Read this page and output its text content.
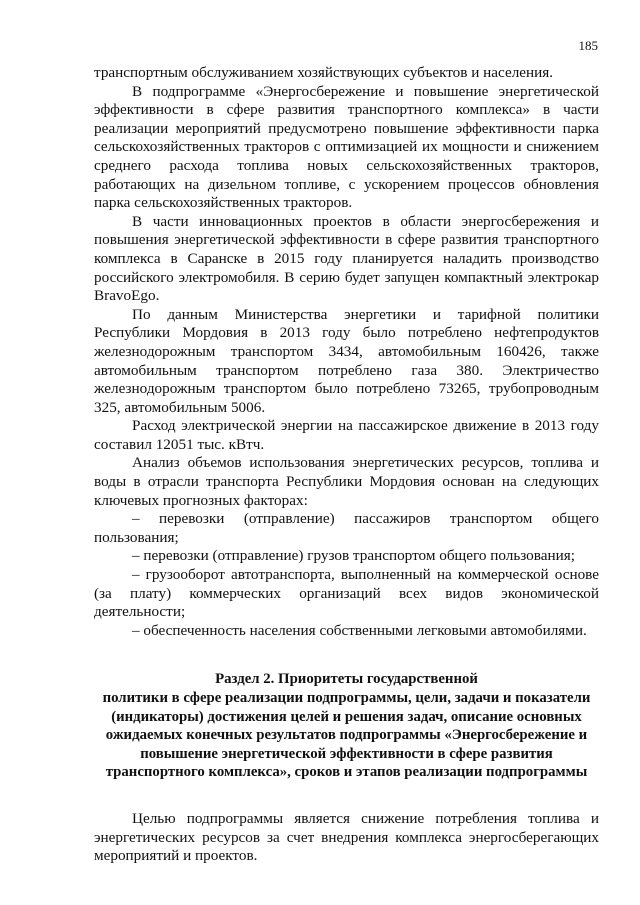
185

транспортным обслуживанием хозяйствующих субъектов и населения.

В подпрограмме «Энергосбережение и повышение энергетической эффективности в сфере развития транспортного комплекса» в части реализации мероприятий предусмотрено повышение эффективности парка сельскохозяйственных тракторов с оптимизацией их мощности и снижением среднего расхода топлива новых сельскохозяйственных тракторов, работающих на дизельном топливе, с ускорением процессов обновления парка сельскохозяйственных тракторов.

В части инновационных проектов в области энергосбережения и повышения энергетической эффективности в сфере развития транспортного комплекса в Саранске в 2015 году планируется наладить производство российского электромобиля. В серию будет запущен компактный электрокар BravoEgo.

По данным Министерства энергетики и тарифной политики Республики Мордовия в 2013 году было потреблено нефтепродуктов железнодорожным транспортом 3434, автомобильным 160426, также автомобильным транспортом потреблено газа 380. Электричество железнодорожным транспортом было потреблено 73265, трубопроводным 325, автомобильным 5006.

Расход электрической энергии на пассажирское движение в 2013 году составил 12051 тыс. кВтч.

Анализ объемов использования энергетических ресурсов, топлива и воды в отрасли транспорта Республики Мордовия основан на следующих ключевых прогнозных факторах:

– перевозки (отправление) пассажиров транспортом общего пользования;

– перевозки (отправление) грузов транспортом общего пользования;

– грузооборот автотранспорта, выполненный на коммерческой основе (за плату) коммерческих организаций всех видов экономической деятельности;

– обеспеченность населения собственными легковыми автомобилями.

Раздел 2. Приоритеты государственной
политики в сфере реализации подпрограммы, цели, задачи и показатели
(индикаторы) достижения целей и решения задач, описание основных
ожидаемых конечных результатов подпрограммы «Энергосбережение и
повышение энергетической эффективности в сфере развития
транспортного комплекса», сроков и этапов реализации подпрограммы

Целью подпрограммы является снижение потребления топлива и энергетических ресурсов за счет внедрения комплекса энергосберегающих мероприятий и проектов.
